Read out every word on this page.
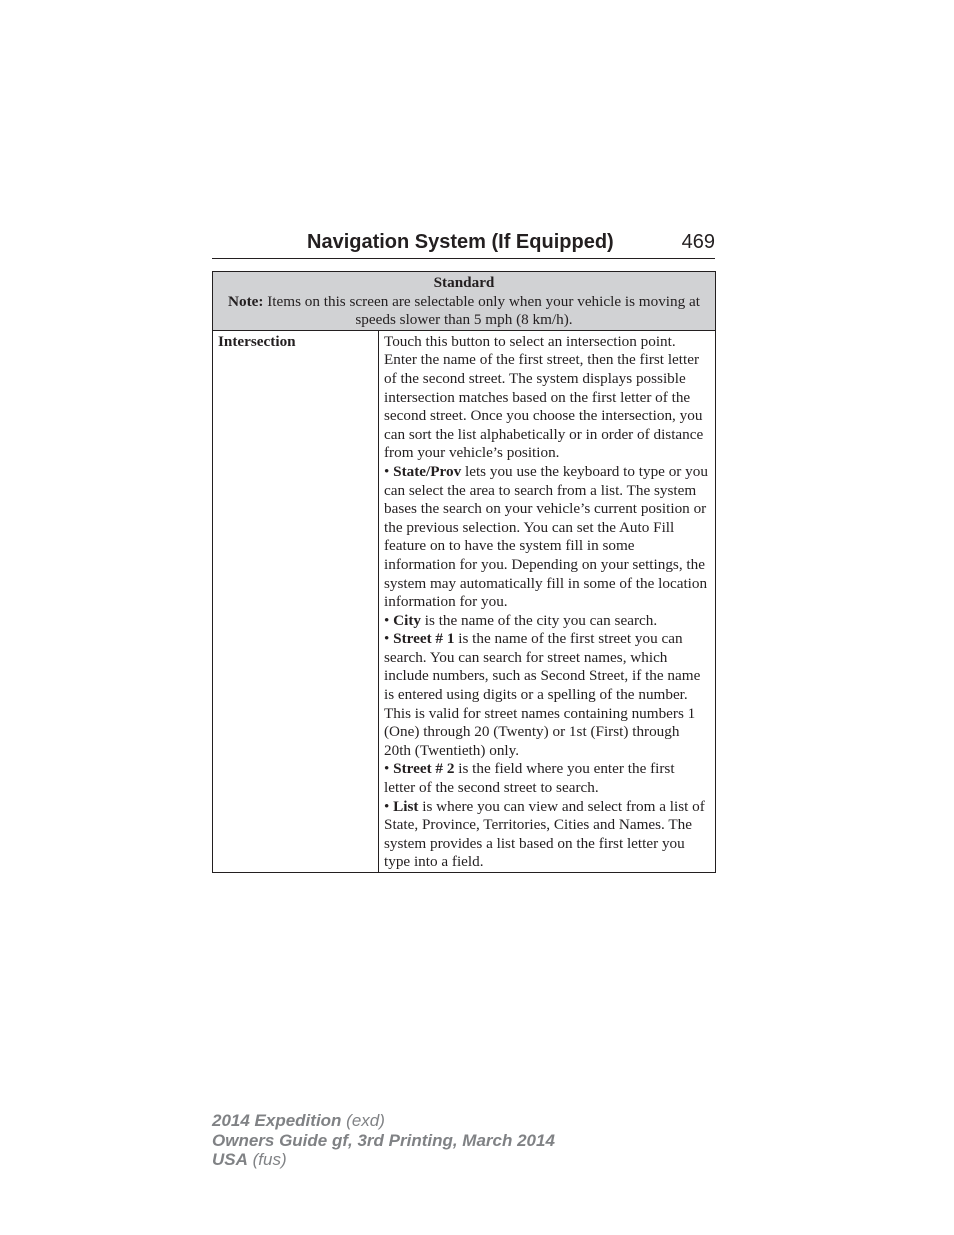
Navigation System (If Equipped)	469
Standard
Note: Items on this screen are selectable only when your vehicle is moving at speeds slower than 5 mph (8 km/h).
Intersection	Touch this button to select an intersection point. Enter the name of the first street, then the first letter of the second street. The system displays possible intersection matches based on the first letter of the second street. Once you choose the intersection, you can sort the list alphabetically or in order of distance from your vehicle’s position.

• State/Prov lets you use the keyboard to type or you can select the area to search from a list. The system bases the search on your vehicle’s current position or the previous selection. You can set the Auto Fill feature on to have the system fill in some information for you. Depending on your settings, the system may automatically fill in some of the location information for you.

• City is the name of the city you can search.

• Street # 1 is the name of the first street you can search. You can search for street names, which include numbers, such as Second Street, if the name is entered using digits or a spelling of the number. This is valid for street names containing numbers 1 (One) through 20 (Twenty) or 1st (First) through 20th (Twentieth) only.

• Street # 2 is the field where you enter the first letter of the second street to search.

• List is where you can view and select from a list of State, Province, Territories, Cities and Names. The system provides a list based on the first letter you type into a field.

2014 Expedition (exd)
Owners Guide gf, 3rd Printing, March 2014
USA (fus)
